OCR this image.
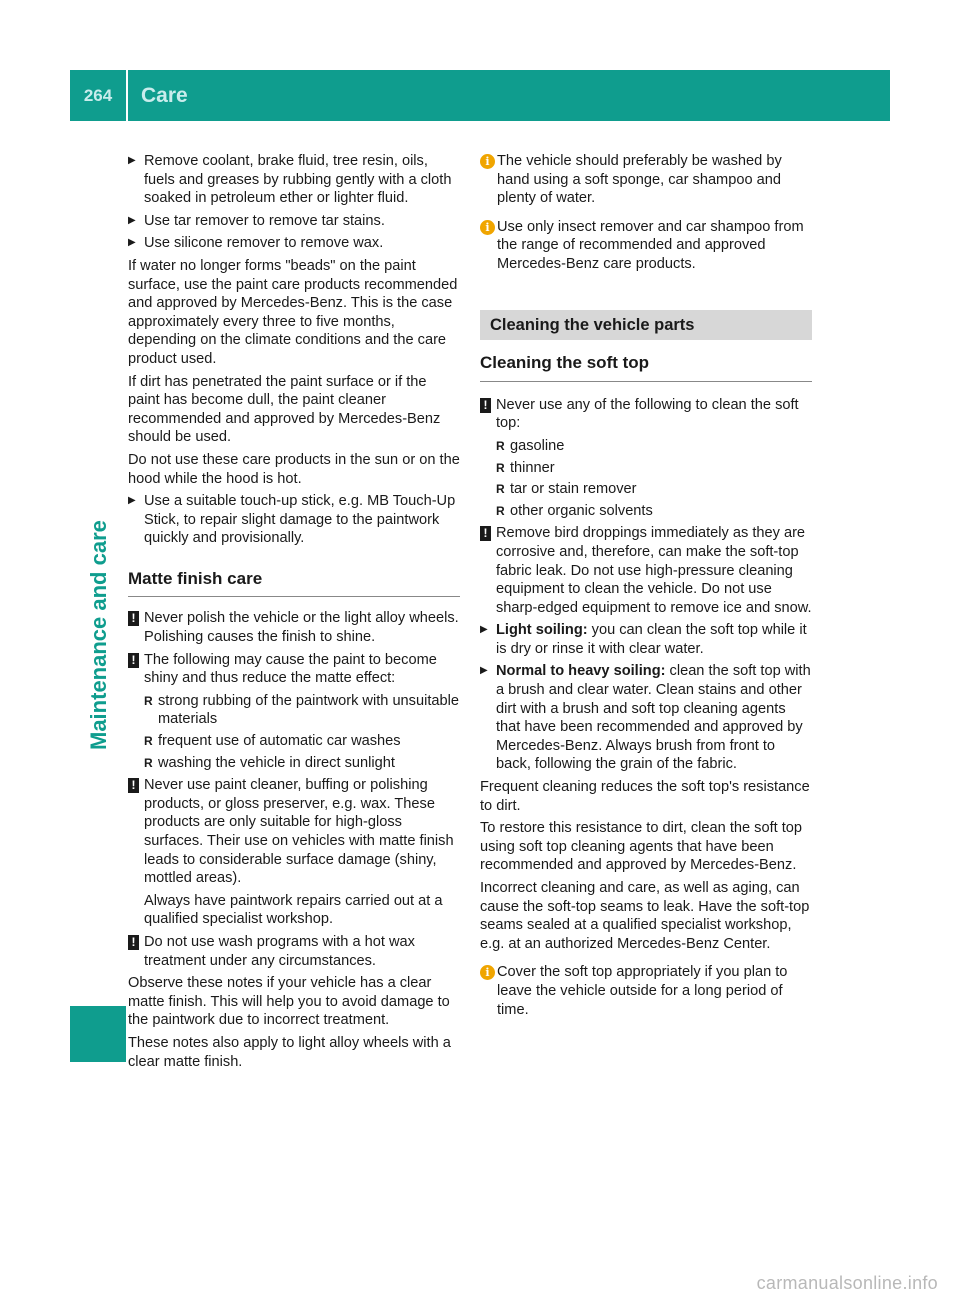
264	Care
Maintenance and care
▶ Remove coolant, brake fluid, tree resin, oils, fuels and greases by rubbing gently with a cloth soaked in petroleum ether or lighter fluid.
▶ Use tar remover to remove tar stains.
▶ Use silicone remover to remove wax.

If water no longer forms "beads" on the paint surface, use the paint care products recommended and approved by Mercedes-Benz. This is the case approximately every three to five months, depending on the climate conditions and the care product used.

If dirt has penetrated the paint surface or if the paint has become dull, the paint cleaner recommended and approved by Mercedes-Benz should be used.

Do not use these care products in the sun or on the hood while the hood is hot.

▶ Use a suitable touch-up stick, e.g. MB Touch-Up Stick, to repair slight damage to the paintwork quickly and provisionally.
Matte finish care
! Never polish the vehicle or the light alloy wheels. Polishing causes the finish to shine.
! The following may cause the paint to become shiny and thus reduce the matte effect:
R strong rubbing of the paintwork with unsuitable materials
R frequent use of automatic car washes
R washing the vehicle in direct sunlight
! Never use paint cleaner, buffing or polishing products, or gloss preserver, e.g. wax. These products are only suitable for high-gloss surfaces. Their use on vehicles with matte finish leads to considerable surface damage (shiny, mottled areas).
Always have paintwork repairs carried out at a qualified specialist workshop.
! Do not use wash programs with a hot wax treatment under any circumstances.

Observe these notes if your vehicle has a clear matte finish. This will help you to avoid damage to the paintwork due to incorrect treatment.

These notes also apply to light alloy wheels with a clear matte finish.

i The vehicle should preferably be washed by hand using a soft sponge, car shampoo and plenty of water.
i Use only insect remover and car shampoo from the range of recommended and approved Mercedes-Benz care products.
Cleaning the vehicle parts
Cleaning the soft top
! Never use any of the following to clean the soft top:
R gasoline
R thinner
R tar or stain remover
R other organic solvents
! Remove bird droppings immediately as they are corrosive and, therefore, can make the soft-top fabric leak. Do not use high-pressure cleaning equipment to clean the vehicle. Do not use sharp-edged equipment to remove ice and snow.
▶ Light soiling: you can clean the soft top while it is dry or rinse it with clear water.
▶ Normal to heavy soiling: clean the soft top with a brush and clear water. Clean stains and other dirt with a brush and soft top cleaning agents that have been recommended and approved by Mercedes-Benz. Always brush from front to back, following the grain of the fabric.

Frequent cleaning reduces the soft top's resistance to dirt.

To restore this resistance to dirt, clean the soft top using soft top cleaning agents that have been recommended and approved by Mercedes-Benz.

Incorrect cleaning and care, as well as aging, can cause the soft-top seams to leak. Have the soft-top seams sealed at a qualified specialist workshop, e.g. at an authorized Mercedes-Benz Center.

i Cover the soft top appropriately if you plan to leave the vehicle outside for a long period of time.
carmanualsonline.info
